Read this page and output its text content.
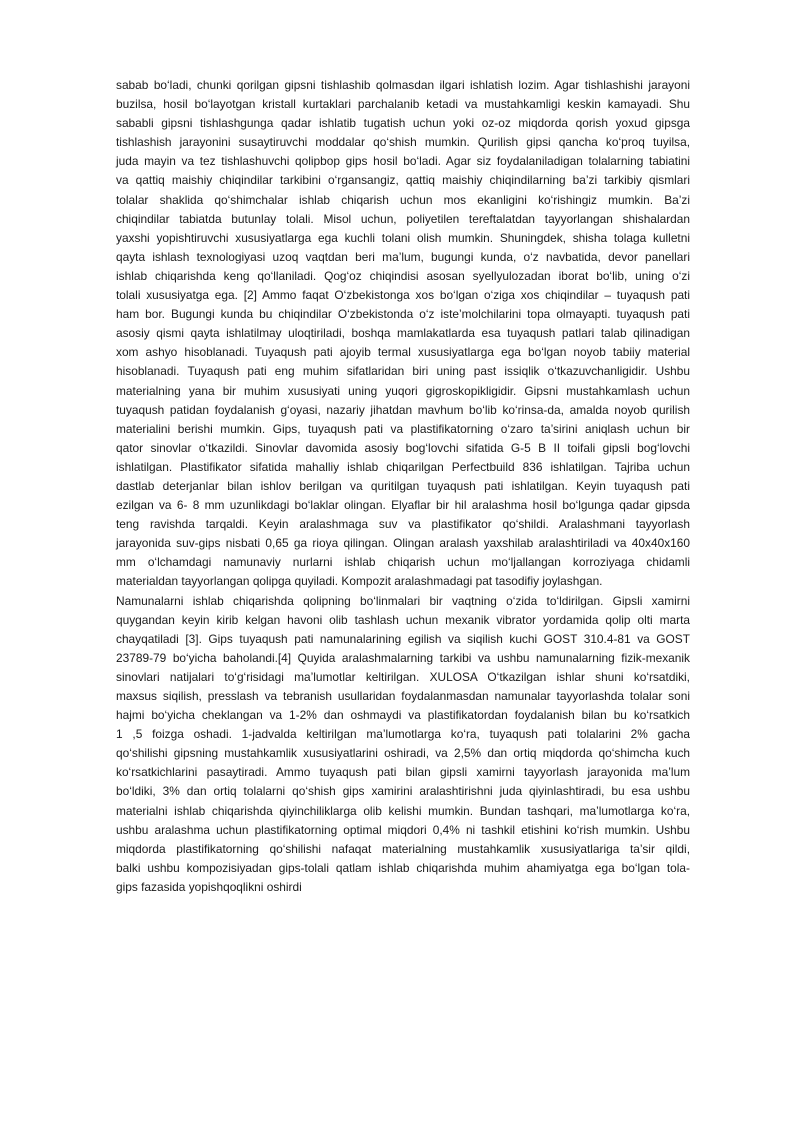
sabab bo‘ladi, chunki qorilgan gipsni tishlashib qolmasdan ilgari ishlatish lozim. Agar tishlashishi jarayoni
buzilsa, hosil bo‘layotgan kristall kurtaklari parchalanib ketadi va mustahkamligi keskin kamayadi. Shu
sababli gipsni tishlashgunga qadar ishlatib tugatish uchun yoki oz-oz miqdorda qorish yoxud gipsga
tishlashish jarayonini susaytiruvchi moddalar qo‘shish mumkin. Qurilish gipsi qancha ko‘proq tuyilsa,
juda mayin va tez tishlashuvchi qolipbop gips hosil bo‘ladi. Agar siz foydalaniladigan tolalarning tabiatini
va qattiq maishiy chiqindilar tarkibini o‘rgansangiz, qattiq maishiy chiqindilarning ba’zi tarkibiy qismlari
tolalar shaklida qo‘shimchalar ishlab chiqarish uchun mos ekanligini ko‘rishingiz mumkin. Ba’zi
chiqindilar tabiatda butunlay tolali. Misol uchun, poliyetilen tereftalatdan tayyorlangan shishalardan
yaxshi yopishtiruvchi xususiyatlarga ega kuchli tolani olish mumkin. Shuningdek, shisha tolaga kulletni
qayta ishlash texnologiyasi uzoq vaqtdan beri ma’lum, bugungi kunda, o‘z navbatida, devor panellari
ishlab chiqarishda keng qo‘llaniladi. Qog‘oz chiqindisi asosan syellyulozadan iborat bo‘lib, uning o‘zi
tolali xususiyatga ega. [2] Ammo faqat O‘zbekistonga xos bo‘lgan o‘ziga xos chiqindilar – tuyaqush pati
ham bor. Bugungi kunda bu chiqindilar O‘zbekistonda o‘z iste’molchilarini topa olmayapti. tuyaqush pati
asosiy qismi qayta ishlatilmay uloqtiriladi, boshqa mamlakatlarda esa tuyaqush patlari talab qilinadigan
xom ashyo hisoblanadi. Tuyaqush pati ajoyib termal xususiyatlarga ega bo‘lgan noyob tabiiy material
hisoblanadi. Tuyaqush pati eng muhim sifatlaridan biri uning past issiqlik o‘tkazuvchanligidir. Ushbu
materialning yana bir muhim xususiyati uning yuqori gigroskopikligidir. Gipsni mustahkamlash uchun
tuyaqush patidan foydalanish g‘oyasi, nazariy jihatdan mavhum bo‘lib ko‘rinsa-da, amalda noyob qurilish
materialini berishi mumkin. Gips, tuyaqush pati va plastifikatorning o‘zaro ta’sirini aniqlash uchun bir
qator sinovlar o‘tkazildi. Sinovlar davomida asosiy bog‘lovchi sifatida G-5 B II toifali gipsli bog‘lovchi
ishlatilgan. Plastifikator sifatida mahalliy ishlab chiqarilgan Perfectbuild 836 ishlatilgan. Tajriba uchun
dastlab deterjanlar bilan ishlov berilgan va quritilgan tuyaqush pati ishlatilgan. Keyin tuyaqush pati
ezilgan va 6- 8 mm uzunlikdagi bo‘laklar olingan. Elyaflar bir hil aralashma hosil bo‘lgunga qadar gipsda
teng ravishda tarqaldi. Keyin aralashmaga suv va plastifikator qo‘shildi. Aralashmani tayyorlash
jarayonida suv-gips nisbati 0,65 ga rioya qilingan. Olingan aralash yaxshilab aralashtiriladi va 40x40x160
mm o‘lchamdagi namunaviy nurlarni ishlab chiqarish uchun mo‘ljallangan korroziyaga chidamli
materialdan tayyorlangan qolipga quyiladi. Kompozit aralashmadagi pat tasodifiy joylashgan.
Namunalarni ishlab chiqarishda qolipning bo‘linmalari bir vaqtning o‘zida to‘ldirilgan. Gipsli xamirni
quygandan keyin kirib kelgan havoni olib tashlash uchun mexanik vibrator yordamida qolip olti marta
chayqatiladi [3]. Gips tuyaqush pati namunalarining egilish va siqilish kuchi GOST 310.4-81 va GOST
23789-79 bo‘yicha baholandi.[4] Quyida aralashmalarning tarkibi va ushbu namunalarning fizik-mexanik
sinovlari natijalari to‘g‘risidagi ma’lumotlar keltirilgan. XULOSA O‘tkazilgan ishlar shuni ko‘rsatdiki,
maxsus siqilish, presslash va tebranish usullaridan foydalanmasdan namunalar tayyorlashda tolalar soni
hajmi bo‘yicha cheklangan va 1-2% dan oshmaydi va plastifikatordan foydalanish bilan bu ko‘rsatkich
1 ,5 foizga oshadi. 1-jadvalda keltirilgan ma’lumotlarga ko‘ra, tuyaqush pati tolalarini 2% gacha
qo‘shilishi gipsning mustahkamlik xususiyatlarini oshiradi, va 2,5% dan ortiq miqdorda qo‘shimcha kuch
ko‘rsatkichlarini pasaytiradi. Ammo tuyaqush pati bilan gipsli xamirni tayyorlash jarayonida ma’lum
bo‘ldiki, 3% dan ortiq tolalarni qo‘shish gips xamirini aralashtirishni juda qiyinlashtiradi, bu esa ushbu
materialni ishlab chiqarishda qiyinchiliklarga olib kelishi mumkin. Bundan tashqari, ma’lumotlarga ko‘ra,
ushbu aralashma uchun plastifikatorning optimal miqdori 0,4% ni tashkil etishini ko‘rish mumkin. Ushbu
miqdorda plastifikatorning qo‘shilishi nafaqat materialning mustahkamlik xususiyatlariga ta’sir qildi,
balki ushbu kompozisiyadan gips-tolali qatlam ishlab chiqarishda muhim ahamiyatga ega bo‘lgan tola-
gips fazasida yopishqoqlikni oshirdi
